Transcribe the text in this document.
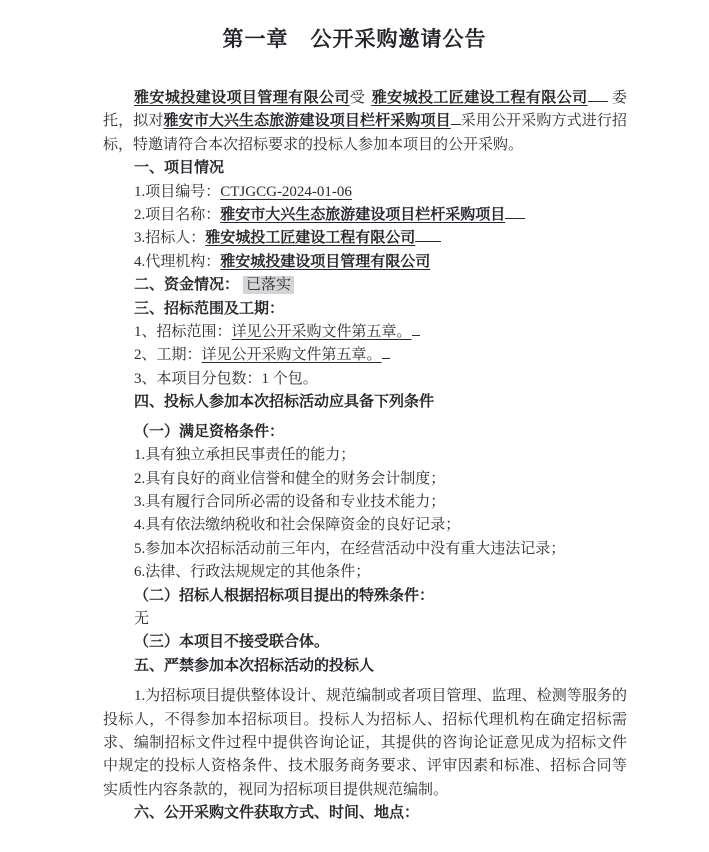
第一章　公开采购邀请公告

雅安城投建设项目管理有限公司受 雅安城投工匠建设工程有限公司 委托，拟对雅安市大兴生态旅游建设项目栏杆采购项目 采用公开采购方式进行招标，特邀请符合本次招标要求的投标人参加本项目的公开采购。

一、项目情况
1.项目编号：CTJGCG-2024-01-06
2.项目名称：雅安市大兴生态旅游建设项目栏杆采购项目
3.招标人：雅安城投工匠建设工程有限公司
4.代理机构：雅安城投建设项目管理有限公司
二、资金情况： 已落实
三、招标范围及工期：
1、招标范围：详见公开采购文件第五章。
2、工期：详见公开采购文件第五章。
3、本项目分包数：1 个包。
四、投标人参加本次招标活动应具备下列条件
（一）满足资格条件：
1.具有独立承担民事责任的能力；
2.具有良好的商业信誉和健全的财务会计制度；
3.具有履行合同所必需的设备和专业技术能力；
4.具有依法缴纳税收和社会保障资金的良好记录；
5.参加本次招标活动前三年内，在经营活动中没有重大违法记录；
6.法律、行政法规规定的其他条件；
（二）招标人根据招标项目提出的特殊条件：
无
（三）本项目不接受联合体。
五、严禁参加本次招标活动的投标人

1.为招标项目提供整体设计、规范编制或者项目管理、监理、检测等服务的投标人，不得参加本招标项目。投标人为招标人、招标代理机构在确定招标需求、编制招标文件过程中提供咨询论证，其提供的咨询论证意见成为招标文件中规定的投标人资格条件、技术服务商务要求、评审因素和标准、招标合同等实质性内容条款的，视同为招标项目提供规范编制。

六、公开采购文件获取方式、时间、地点：
